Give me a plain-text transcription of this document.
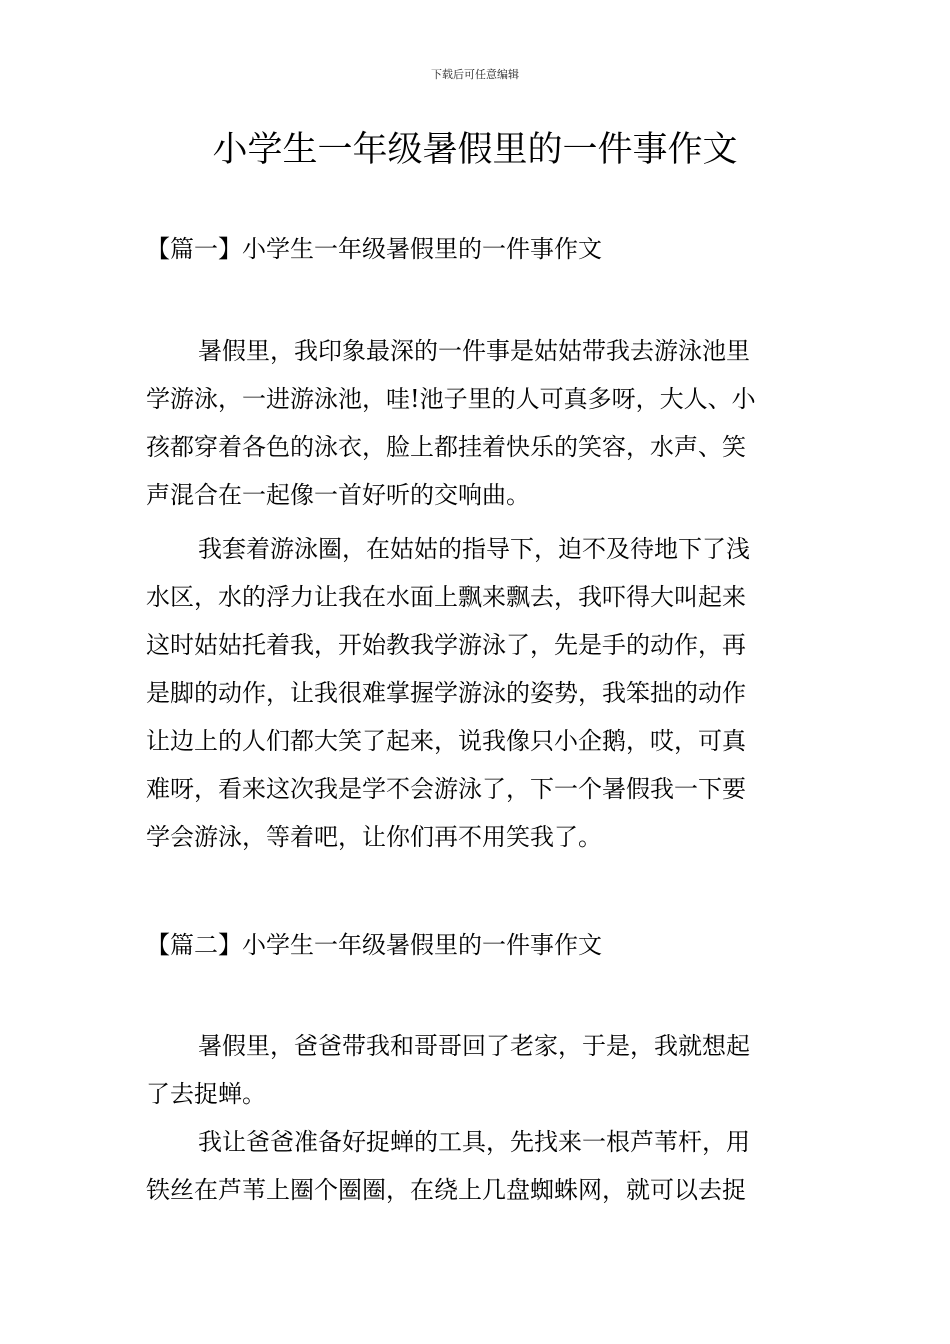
下载后可任意编辑
小学生一年级暑假里的一件事作文
【篇一】小学生一年级暑假里的一件事作文
暑假里，我印象最深的一件事是姑姑带我去游泳池里
学游泳，一进游泳池，哇!池子里的人可真多呀，大人、小
孩都穿着各色的泳衣，脸上都挂着快乐的笑容，水声、笑
声混合在一起像一首好听的交响曲。
我套着游泳圈，在姑姑的指导下，迫不及待地下了浅
水区，水的浮力让我在水面上飘来飘去，我吓得大叫起来
这时姑姑托着我，开始教我学游泳了，先是手的动作，再
是脚的动作，让我很难掌握学游泳的姿势，我笨拙的动作
让边上的人们都大笑了起来，说我像只小企鹅，哎，可真
难呀，看来这次我是学不会游泳了，下一个暑假我一下要
学会游泳，等着吧，让你们再不用笑我了。
【篇二】小学生一年级暑假里的一件事作文
暑假里，爸爸带我和哥哥回了老家，于是，我就想起
了去捉蝉。
我让爸爸准备好捉蝉的工具，先找来一根芦苇杆，用
铁丝在芦苇上圈个圈圈，在绕上几盘蜘蛛网，就可以去捉
